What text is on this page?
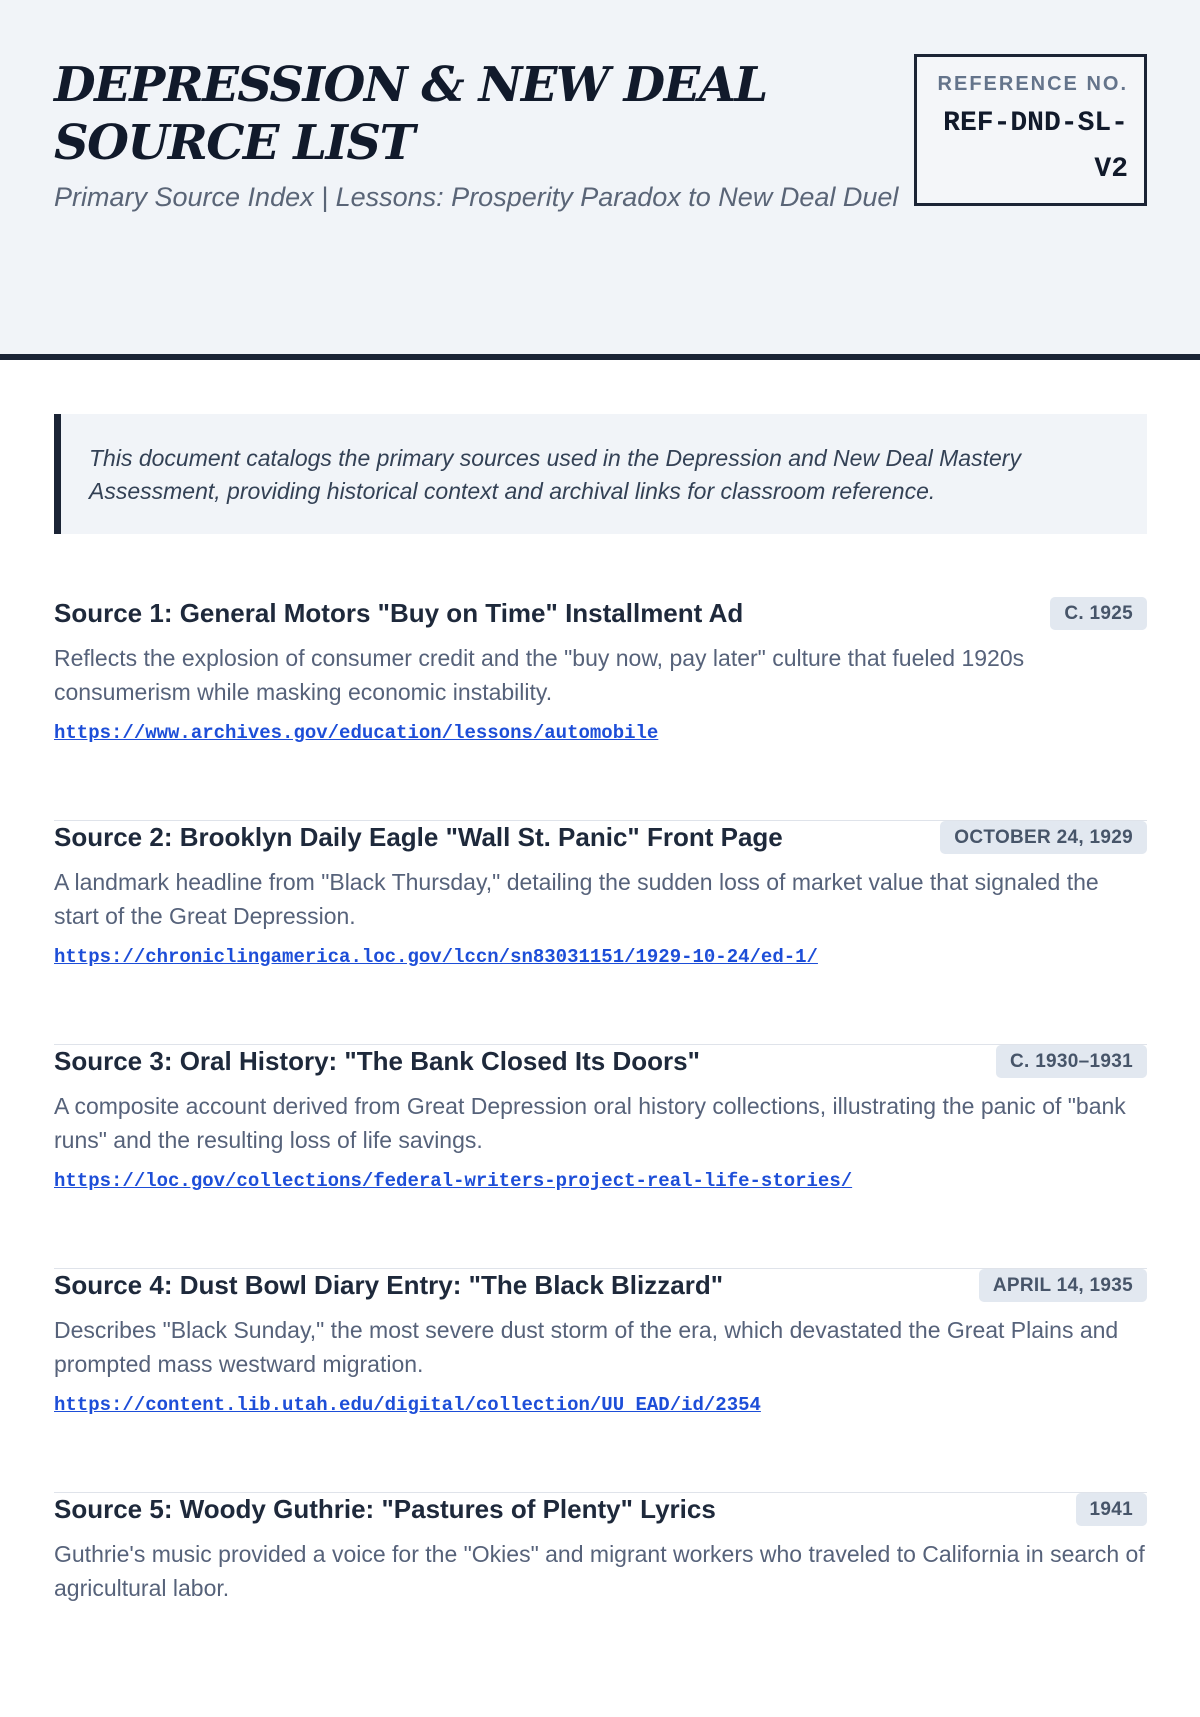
DEPRESSION & NEW DEAL SOURCE LIST
Primary Source Index | Lessons: Prosperity Paradox to New Deal Duel
REFERENCE NO.
REF-DND-SL-V2

This document catalogs the primary sources used in the Depression and New Deal Mastery Assessment, providing historical context and archival links for classroom reference.

Source 1: General Motors "Buy on Time" Installment Ad	C. 1925
Reflects the explosion of consumer credit and the "buy now, pay later" culture that fueled 1920s consumerism while masking economic instability.
https://www.archives.gov/education/lessons/automobile
Source 2: Brooklyn Daily Eagle "Wall St. Panic" Front Page	OCTOBER 24, 1929
A landmark headline from "Black Thursday," detailing the sudden loss of market value that signaled the start of the Great Depression.
https://chroniclingamerica.loc.gov/lccn/sn83031151/1929-10-24/ed-1/
Source 3: Oral History: "The Bank Closed Its Doors"	C. 1930–1931
A composite account derived from Great Depression oral history collections, illustrating the panic of "bank runs" and the resulting loss of life savings.
https://loc.gov/collections/federal-writers-project-real-life-stories/
Source 4: Dust Bowl Diary Entry: "The Black Blizzard"	APRIL 14, 1935
Describes "Black Sunday," the most severe dust storm of the era, which devastated the Great Plains and prompted mass westward migration.
https://content.lib.utah.edu/digital/collection/UU_EAD/id/2354
Source 5: Woody Guthrie: "Pastures of Plenty" Lyrics	1941
Guthrie's music provided a voice for the "Okies" and migrant workers who traveled to California in search of agricultural labor.
